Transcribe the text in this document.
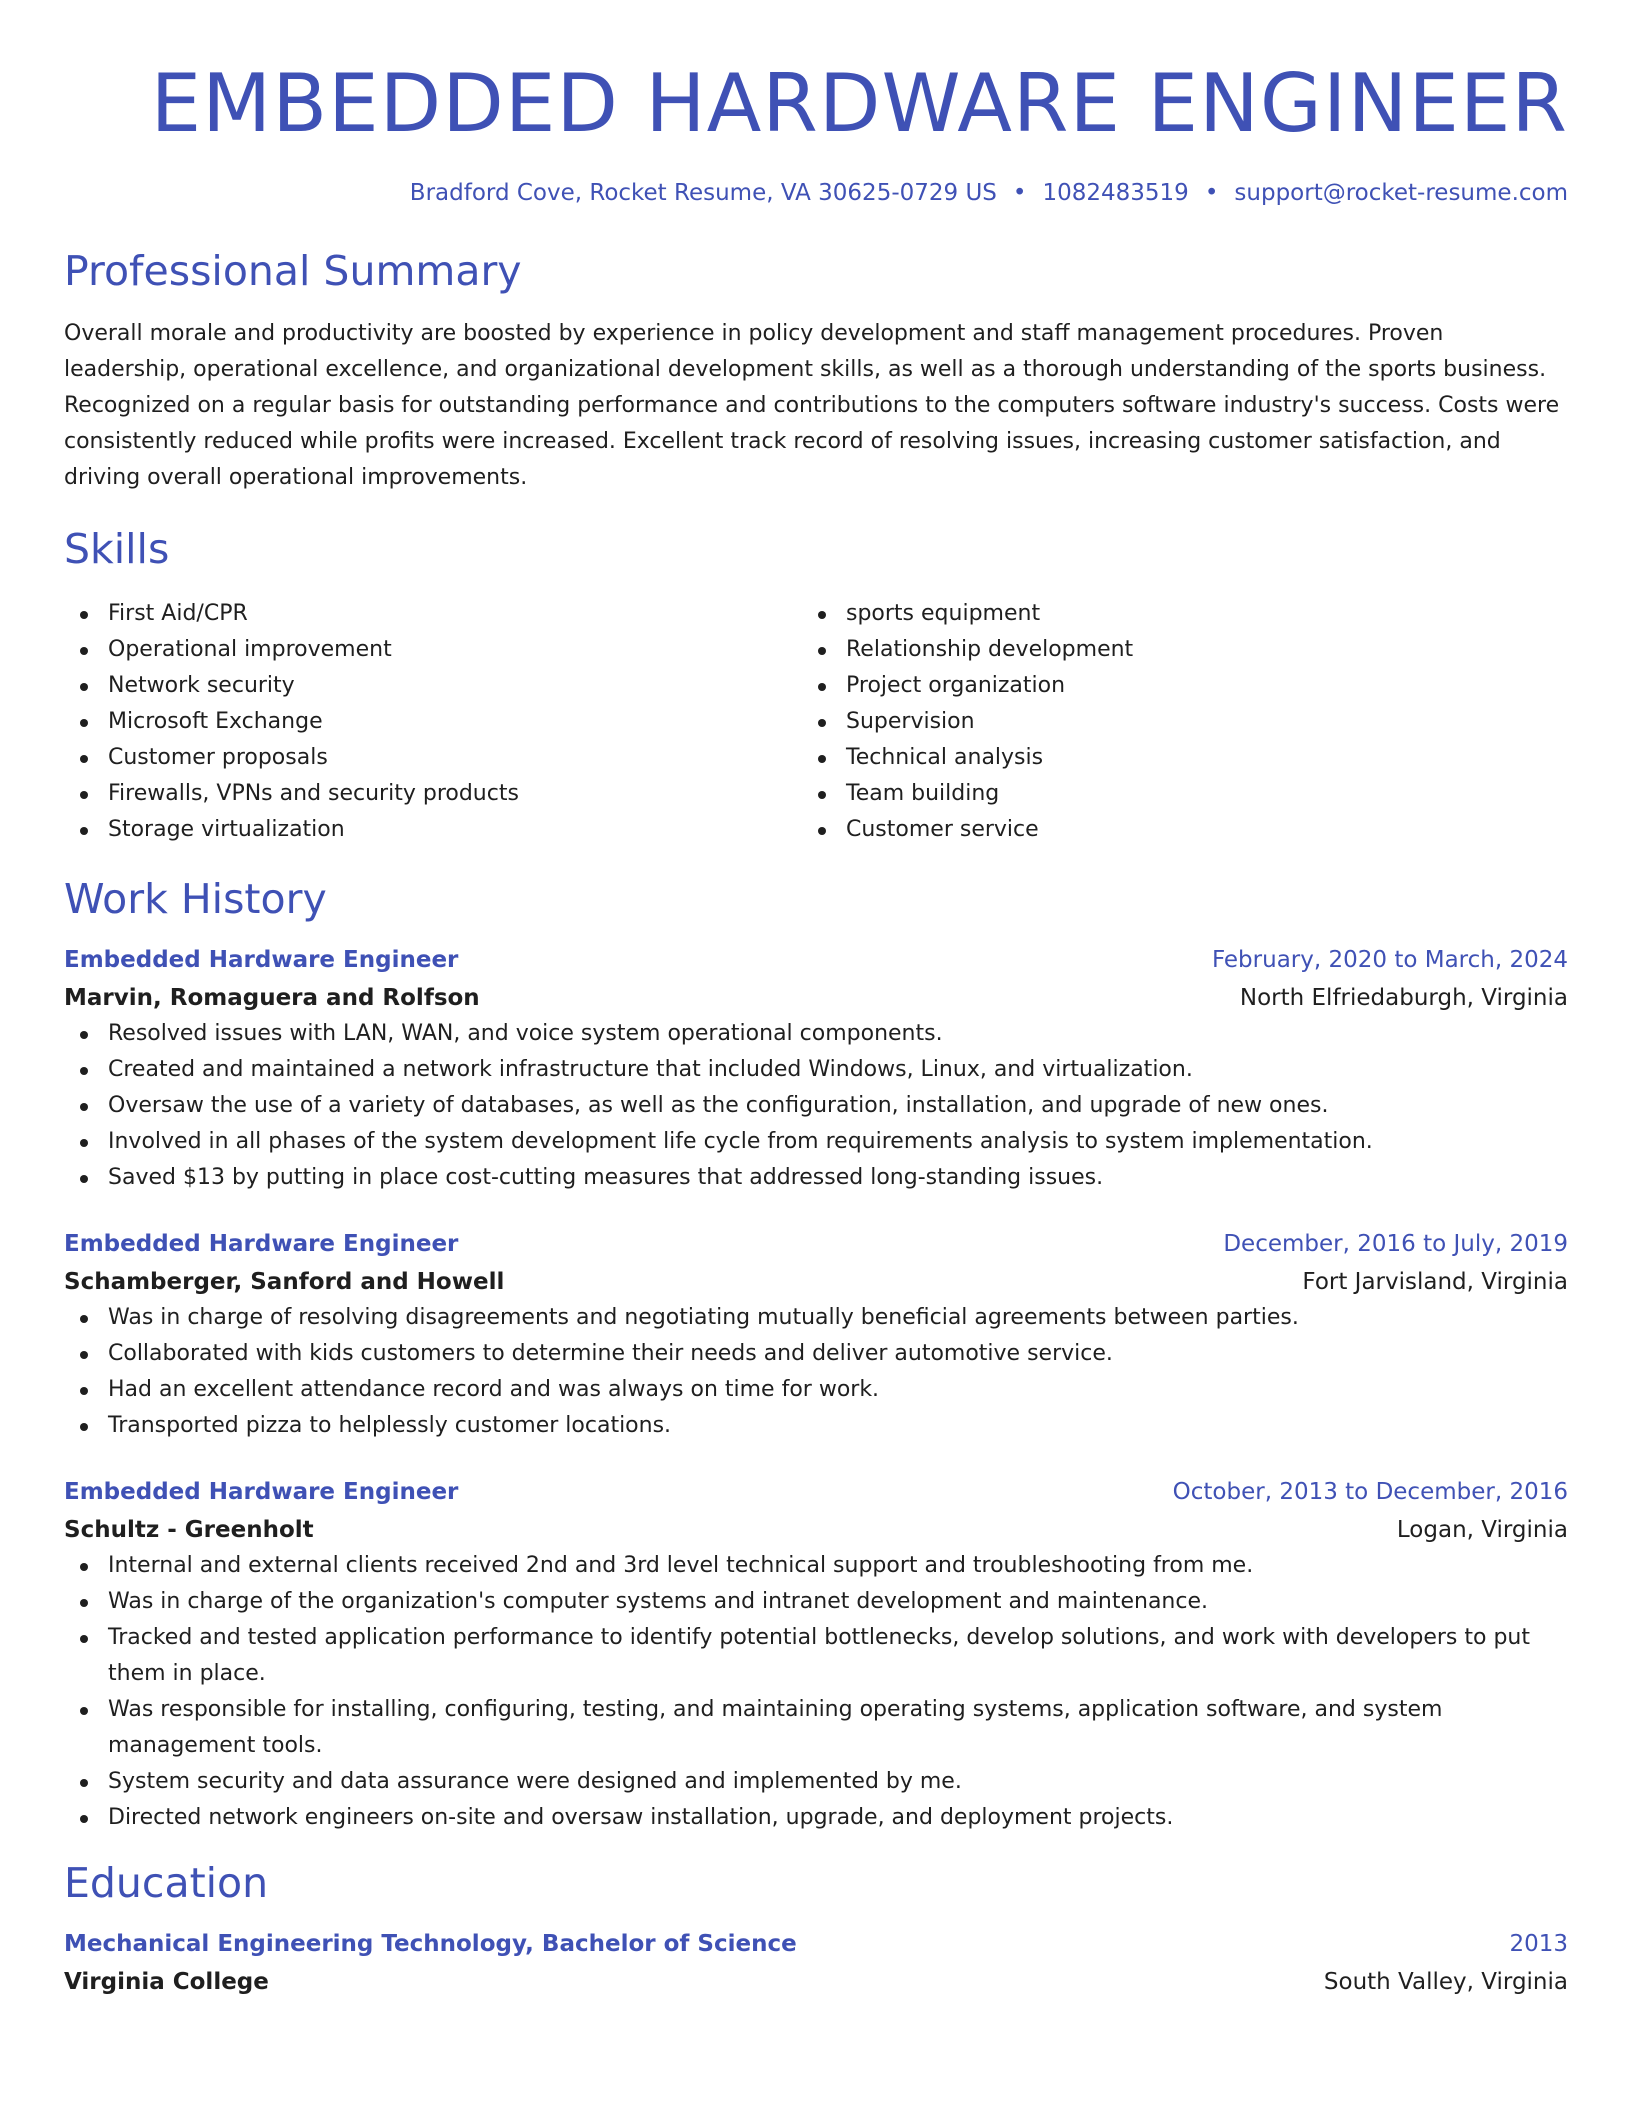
EMBEDDED HARDWARE ENGINEER
Bradford Cove, Rocket Resume, VA 30625-0729 US • 1082483519 • support@rocket-resume.com
Professional Summary

Overall morale and productivity are boosted by experience in policy development and staff management procedures. Proven leadership, operational excellence, and organizational development skills, as well as a thorough understanding of the sports business. Recognized on a regular basis for outstanding performance and contributions to the computers software industry's success. Costs were consistently reduced while profits were increased. Excellent track record of resolving issues, increasing customer satisfaction, and driving overall operational improvements.

Skills
First Aid/CPR
Operational improvement
Network security
Microsoft Exchange
Customer proposals
Firewalls, VPNs and security products
Storage virtualization
sports equipment
Relationship development
Project organization
Supervision
Technical analysis
Team building
Customer service
Work History
Embedded Hardware Engineer	February, 2020 to March, 2024
Marvin, Romaguera and Rolfson	North Elfriedaburgh, Virginia
Resolved issues with LAN, WAN, and voice system operational components.
Created and maintained a network infrastructure that included Windows, Linux, and virtualization.
Oversaw the use of a variety of databases, as well as the configuration, installation, and upgrade of new ones.
Involved in all phases of the system development life cycle from requirements analysis to system implementation.
Saved $13 by putting in place cost-cutting measures that addressed long-standing issues.
Embedded Hardware Engineer	December, 2016 to July, 2019
Schamberger, Sanford and Howell	Fort Jarvisland, Virginia
Was in charge of resolving disagreements and negotiating mutually beneficial agreements between parties.
Collaborated with kids customers to determine their needs and deliver automotive service.
Had an excellent attendance record and was always on time for work.
Transported pizza to helplessly customer locations.
Embedded Hardware Engineer	October, 2013 to December, 2016
Schultz - Greenholt	Logan, Virginia
Internal and external clients received 2nd and 3rd level technical support and troubleshooting from me.
Was in charge of the organization's computer systems and intranet development and maintenance.
Tracked and tested application performance to identify potential bottlenecks, develop solutions, and work with developers to put them in place.
Was responsible for installing, configuring, testing, and maintaining operating systems, application software, and system management tools.
System security and data assurance were designed and implemented by me.
Directed network engineers on-site and oversaw installation, upgrade, and deployment projects.
Education
Mechanical Engineering Technology, Bachelor of Science	2013
Virginia College	South Valley, Virginia
